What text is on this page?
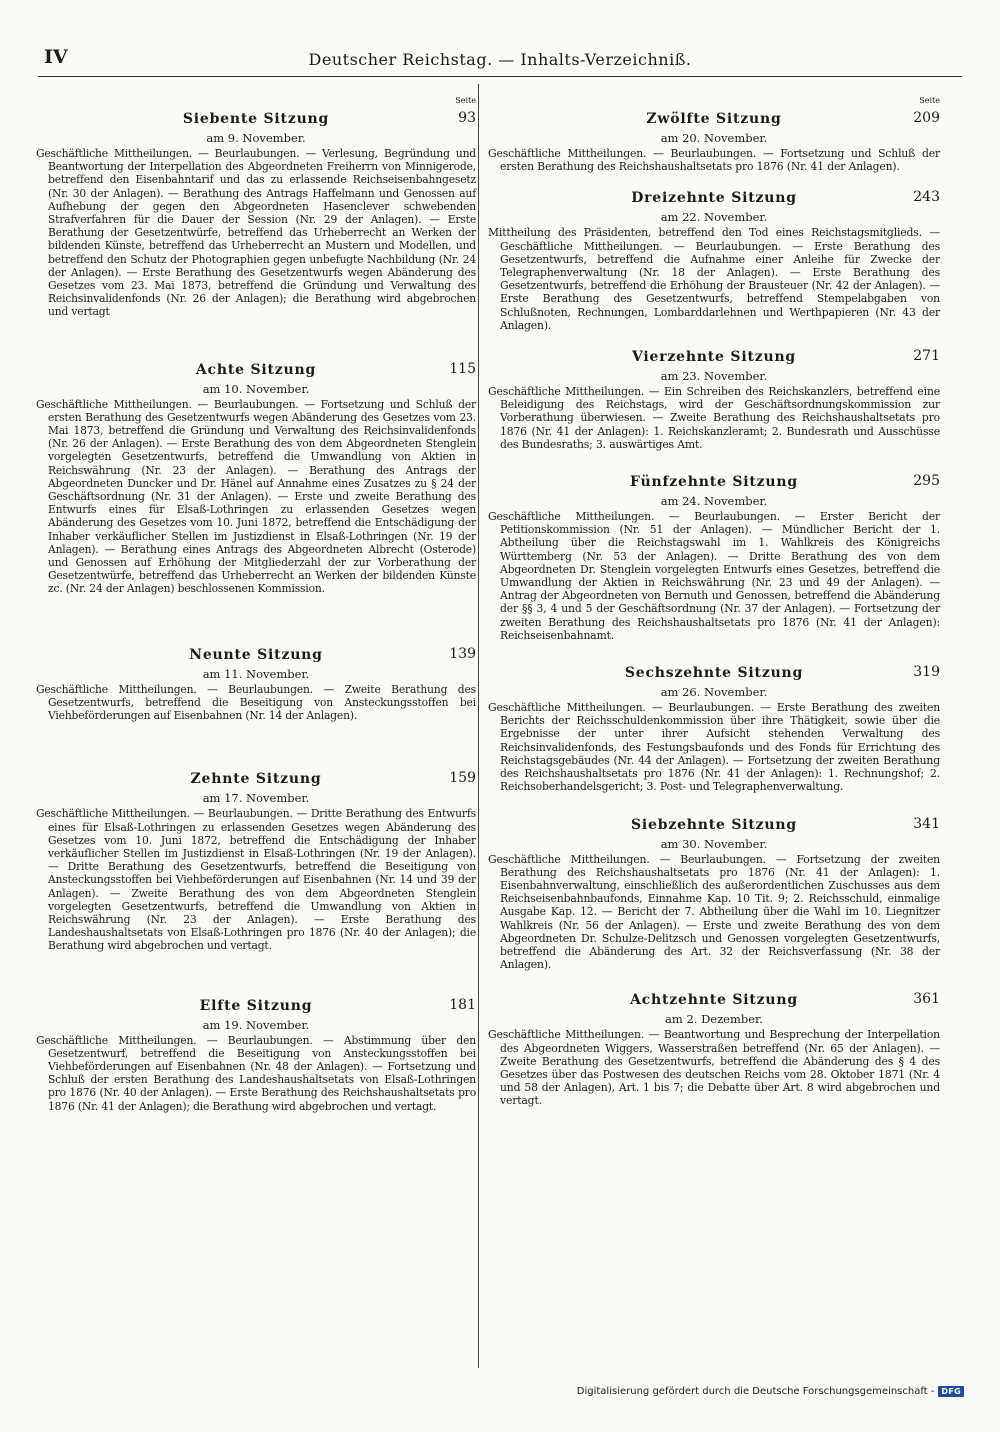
IV	Deutscher Reichstag. — Inhalts-Verzeichniß.
Seite
Siebente Sitzung	93
am 9. November.

Geschäftliche Mittheilungen. — Beurlaubungen. — Verlesung, Begründung und Beantwortung der Interpellation des Abgeordneten Freiherrn von Minnigerode, betreffend den Eisenbahntarif und das zu erlassende Reichseisenbahngesetz (Nr. 30 der Anlagen). — Berathung des Antrags Haffelmann und Genossen auf Aufhebung der gegen den Abgeordneten Hasenclever schwebenden Strafverfahren für die Dauer der Session (Nr. 29 der Anlagen). — Erste Berathung der Gesetzentwürfe, betreffend das Urheberrecht an Werken der bildenden Künste, betreffend das Urheberrecht an Mustern und Modellen, und betreffend den Schutz der Photographien gegen unbefugte Nachbildung (Nr. 24 der Anlagen). — Erste Berathung des Gesetzentwurfs wegen Abänderung des Gesetzes vom 23. Mai 1873, betreffend die Gründung und Verwaltung des Reichsinvalidenfonds (Nr. 26 der Anlagen); die Berathung wird abgebrochen und vertagt

Achte Sitzung	115
am 10. November.

Geschäftliche Mittheilungen. — Beurlaubungen. — Fortsetzung und Schluß der ersten Berathung des Gesetzentwurfs wegen Abänderung des Gesetzes vom 23. Mai 1873, betreffend die Gründung und Verwaltung des Reichsinvalidenfonds (Nr. 26 der Anlagen). — Erste Berathung des von dem Abgeordneten Stenglein vorgelegten Gesetzentwurfs, betreffend die Umwandlung von Aktien in Reichswährung (Nr. 23 der Anlagen). — Berathung des Antrags der Abgeordneten Duncker und Dr. Hänel auf Annahme eines Zusatzes zu § 24 der Geschäftsordnung (Nr. 31 der Anlagen). — Erste und zweite Berathung des Entwurfs eines für Elsaß-Lothringen zu erlassenden Gesetzes wegen Abänderung des Gesetzes vom 10. Juni 1872, betreffend die Entschädigung der Inhaber verkäuflicher Stellen im Justizdienst in Elsaß-Lothringen (Nr. 19 der Anlagen). — Berathung eines Antrags des Abgeordneten Albrecht (Osterode) und Genossen auf Erhöhung der Mitgliederzahl der zur Vorberathung der Gesetzentwürfe, betreffend das Urheberrecht an Werken der bildenden Künste zc. (Nr. 24 der Anlagen) beschlossenen Kommission.

Neunte Sitzung	139
am 11. November.

Geschäftliche Mittheilungen. — Beurlaubungen. — Zweite Berathung des Gesetzentwurfs, betreffend die Beseitigung von Ansteckungsstoffen bei Viehbeförderungen auf Eisenbahnen (Nr. 14 der Anlagen).

Zehnte Sitzung	159
am 17. November.

Geschäftliche Mittheilungen. — Beurlaubungen. — Dritte Berathung des Entwurfs eines für Elsaß-Lothringen zu erlassenden Gesetzes wegen Abänderung des Gesetzes vom 10. Juni 1872, betreffend die Entschädigung der Inhaber verkäuflicher Stellen im Justizdienst in Elsaß-Lothringen (Nr. 19 der Anlagen). — Dritte Berathung des Gesetzentwurfs, betreffend die Beseitigung von Ansteckungsstoffen bei Viehbeförderungen auf Eisenbahnen (Nr. 14 und 39 der Anlagen). — Zweite Berathung des von dem Abgeordneten Stenglein vorgelegten Gesetzentwurfs, betreffend die Umwandlung von Aktien in Reichswährung (Nr. 23 der Anlagen). — Erste Berathung des Landeshaushaltsetats von Elsaß-Lothringen pro 1876 (Nr. 40 der Anlagen); die Berathung wird abgebrochen und vertagt.

Elfte Sitzung	181
am 19. November.

Geschäftliche Mittheilungen. — Beurlaubungen. — Abstimmung über den Gesetzentwurf, betreffend die Beseitigung von Ansteckungsstoffen bei Viehbeförderungen auf Eisenbahnen (Nr. 48 der Anlagen). — Fortsetzung und Schluß der ersten Berathung des Landeshaushaltsetats von Elsaß-Lothringen pro 1876 (Nr. 40 der Anlagen). — Erste Berathung des Reichshaushaltsetats pro 1876 (Nr. 41 der Anlagen); die Berathung wird abgebrochen und vertagt.

Seite
Zwölfte Sitzung	209
am 20. November.

Geschäftliche Mittheilungen. — Beurlaubungen. — Fortsetzung und Schluß der ersten Berathung des Reichshaushaltsetats pro 1876 (Nr. 41 der Anlagen).

Dreizehnte Sitzung	243
am 22. November.

Mittheilung des Präsidenten, betreffend den Tod eines Reichstagsmitglieds. — Geschäftliche Mittheilungen. — Beurlaubungen. — Erste Berathung des Gesetzentwurfs, betreffend die Aufnahme einer Anleihe für Zwecke der Telegraphenverwaltung (Nr. 18 der Anlagen). — Erste Berathung des Gesetzentwurfs, betreffend die Erhöhung der Brausteuer (Nr. 42 der Anlagen). — Erste Berathung des Gesetzentwurfs, betreffend Stempelabgaben von Schlußnoten, Rechnungen, Lombarddarlehnen und Werthpapieren (Nr. 43 der Anlagen).

Vierzehnte Sitzung	271
am 23. November.

Geschäftliche Mittheilungen. — Ein Schreiben des Reichskanzlers, betreffend eine Beleidigung des Reichstags, wird der Geschäftsordnungskommission zur Vorberathung überwiesen. — Zweite Berathung des Reichshaushaltsetats pro 1876 (Nr. 41 der Anlagen): 1. Reichskanzleramt; 2. Bundesrath und Ausschüsse des Bundesraths; 3. auswärtiges Amt.

Fünfzehnte Sitzung	295
am 24. November.

Geschäftliche Mittheilungen. — Beurlaubungen. — Erster Bericht der Petitionskommission (Nr. 51 der Anlagen). — Mündlicher Bericht der 1. Abtheilung über die Reichstagswahl im 1. Wahlkreis des Königreichs Württemberg (Nr. 53 der Anlagen). — Dritte Berathung des von dem Abgeordneten Dr. Stenglein vorgelegten Entwurfs eines Gesetzes, betreffend die Umwandlung der Aktien in Reichswährung (Nr. 23 und 49 der Anlagen). — Antrag der Abgeordneten von Bernuth und Genossen, betreffend die Abänderung der §§ 3, 4 und 5 der Geschäftsordnung (Nr. 37 der Anlagen). — Fortsetzung der zweiten Berathung des Reichshaushaltsetats pro 1876 (Nr. 41 der Anlagen): Reichseisenbahnamt.

Sechszehnte Sitzung	319
am 26. November.

Geschäftliche Mittheilungen. — Beurlaubungen. — Erste Berathung des zweiten Berichts der Reichsschuldenkommission über ihre Thätigkeit, sowie über die Ergebnisse der unter ihrer Aufsicht stehenden Verwaltung des Reichsinvalidenfonds, des Festungsbaufonds und des Fonds für Errichtung des Reichstagsgebäudes (Nr. 44 der Anlagen). — Fortsetzung der zweiten Berathung des Reichshaushaltsetats pro 1876 (Nr. 41 der Anlagen): 1. Rechnungshof; 2. Reichsoberhandelsgericht; 3. Post- und Telegraphenverwaltung.

Siebzehnte Sitzung	341
am 30. November.

Geschäftliche Mittheilungen. — Beurlaubungen. — Fortsetzung der zweiten Berathung des Reichshaushaltsetats pro 1876 (Nr. 41 der Anlagen): 1. Eisenbahnverwaltung, einschließlich des außerordentlichen Zuschusses aus dem Reichseisenbahnbaufonds, Einnahme Kap. 10 Tit. 9; 2. Reichsschuld, einmalige Ausgabe Kap. 12. — Bericht der 7. Abtheilung über die Wahl im 10. Liegnitzer Wahlkreis (Nr. 56 der Anlagen). — Erste und zweite Berathung des von dem Abgeordneten Dr. Schulze-Delitzsch und Genossen vorgelegten Gesetzentwurfs, betreffend die Abänderung des Art. 32 der Reichsverfassung (Nr. 38 der Anlagen).

Achtzehnte Sitzung	361
am 2. Dezember.

Geschäftliche Mittheilungen. — Beantwortung und Besprechung der Interpellation des Abgeordneten Wiggers, Wasserstraßen betreffend (Nr. 65 der Anlagen). — Zweite Berathung des Gesetzentwurfs, betreffend die Abänderung des § 4 des Gesetzes über das Postwesen des deutschen Reichs vom 28. Oktober 1871 (Nr. 4 und 58 der Anlagen), Art. 1 bis 7; die Debatte über Art. 8 wird abgebrochen und vertagt.

Digitalisierung gefördert durch die Deutsche Forschungsgemeinschaft - DFG
